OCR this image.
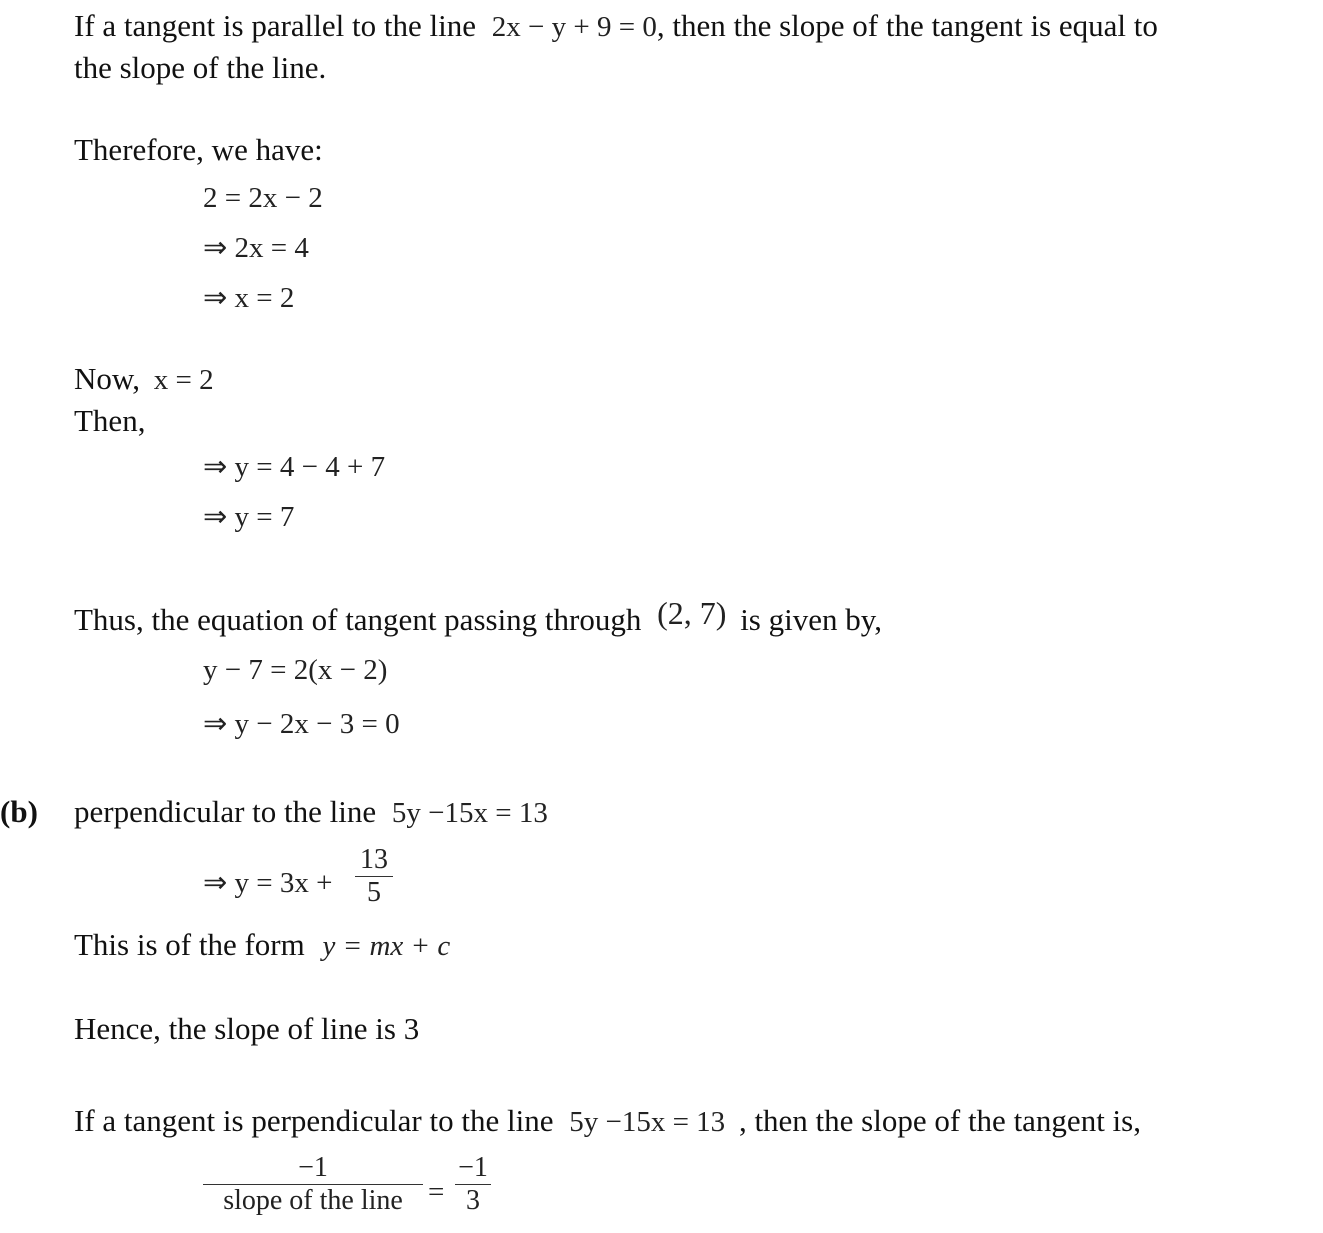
If a tangent is parallel to the line 2x − y + 9 = 0, then the slope of the tangent is equal to
the slope of the line.
Therefore, we have:
2 = 2x − 2
⇒ 2x = 4
⇒ x = 2
Now, x = 2
Then,
⇒ y = 4 − 4 + 7
⇒ y = 7
Thus, the equation of tangent passing through (2, 7) is given by,
y − 7 = 2(x − 2)
⇒ y − 2x − 3 = 0
(b) perpendicular to the line 5y −15x = 13
⇒ y = 3x +
13
5
This is of the form y = mx + c
Hence, the slope of line is 3
If a tangent is perpendicular to the line 5y −15x = 13 , then the slope of the tangent is,
−1
slope of the line =
−1
3
